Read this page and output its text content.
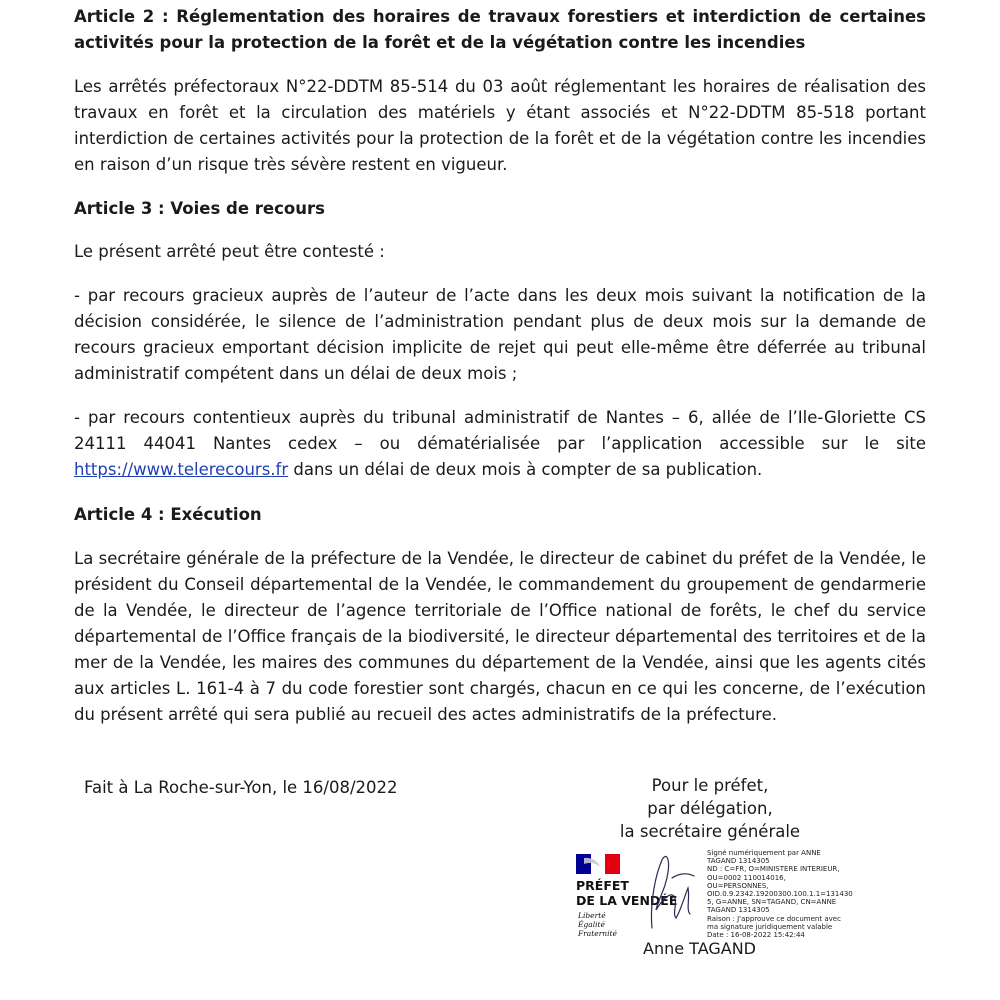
Article 2 : Réglementation des horaires de travaux forestiers et interdiction de certaines activités pour la protection de la forêt et de la végétation contre les incendies

Les arrêtés préfectoraux N°22-DDTM 85-514 du 03 août réglementant les horaires de réalisation des travaux en forêt et la circulation des matériels y étant associés et N°22-DDTM 85-518 portant interdiction de certaines activités pour la protection de la forêt et de la végétation contre les incendies en raison d’un risque très sévère restent en vigueur.

Article 3 : Voies de recours

Le présent arrêté peut être contesté :

- par recours gracieux auprès de l’auteur de l’acte dans les deux mois suivant la notification de la décision considérée, le silence de l’administration pendant plus de deux mois sur la demande de recours gracieux emportant décision implicite de rejet qui peut elle-même être déferrée au tribunal administratif compétent dans un délai de deux mois ;

- par recours contentieux auprès du tribunal administratif de Nantes – 6, allée de l’Ile-Gloriette CS 24111 44041 Nantes cedex – ou dématérialisée par l’application accessible sur le site https://www.telerecours.fr dans un délai de deux mois à compter de sa publication.

Article 4 : Exécution

La secrétaire générale de la préfecture de la Vendée, le directeur de cabinet du préfet de la Vendée, le président du Conseil départemental de la Vendée, le commandement du groupement de gendarmerie de la Vendée, le directeur de l’agence territoriale de l’Office national de forêts, le chef du service départemental de l’Office français de la biodiversité, le directeur départemental des territoires et de la mer de la Vendée, les maires des communes du département de la Vendée, ainsi que les agents cités aux articles L. 161-4 à 7 du code forestier sont chargés, chacun en ce qui les concerne, de l’exécution du présent arrêté qui sera publié au recueil des actes administratifs de la préfecture.

Fait à La Roche-sur-Yon, le 16/08/2022	Pour le préfet,
par délégation,
la secrétaire générale
PRÉFET
DE LA VENDÉE
Liberté
Égalité
Fraternité

Signé numériquement par ANNE
TAGAND 1314305
ND : C=FR, O=MINISTERE INTERIEUR,
OU=0002 110014016,
OU=PERSONNES,
OID.0.9.2342.19200300.100.1.1=131430
5, G=ANNE, SN=TAGAND, CN=ANNE
TAGAND 1314305
Raison : J'approuve ce document avec
ma signature juridiquement valable
Date : 16-08-2022 15:42:44

Anne TAGAND
